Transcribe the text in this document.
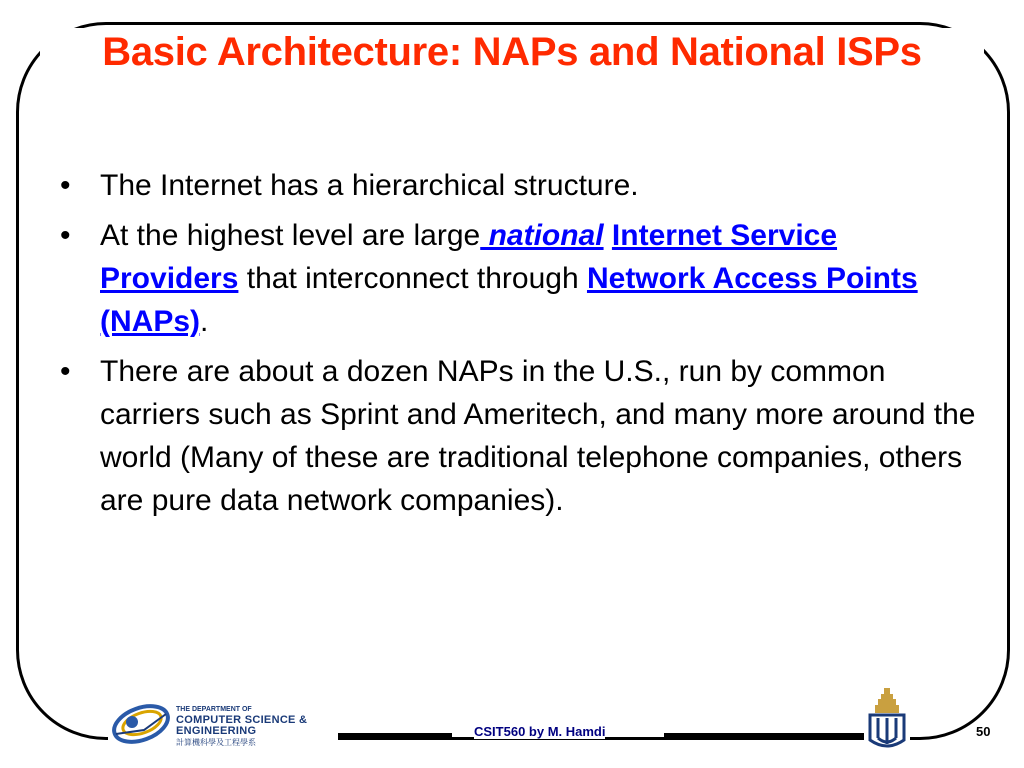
Basic Architecture: NAPs and National ISPs
• The Internet has a hierarchical structure.
• At the highest level are large national Internet Service Providers that interconnect through Network Access Points (NAPs).
• There are about a dozen NAPs in the U.S., run by common carriers such as Sprint and Ameritech, and many more around the world (Many of these are traditional telephone companies, others are pure data network companies).
THE DEPARTMENT OF
COMPUTER SCIENCE &
ENGINEERING
計算機科學及工程學系
CSIT560 by M. Hamdi	50
